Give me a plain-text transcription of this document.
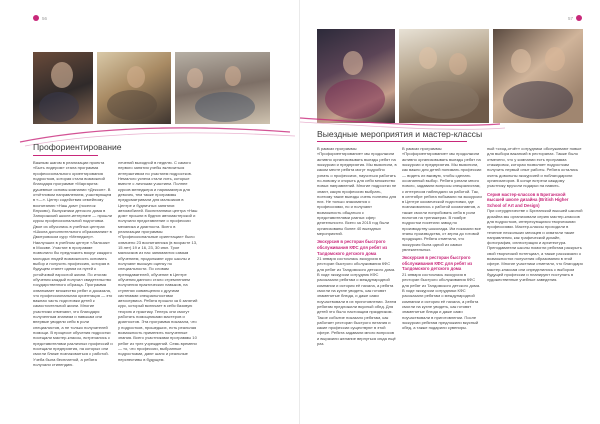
56
Профориентирование

Важным шагом в реализации проекта «Быть лидером» стала программа профессионального ориентирования подростков, которая стала возможной благодаря программе «Маргарита: душевные основы компании «Дексон». В отчётливом направлением, участвующем в «—». Центр содействия семейному воспитанию «Наш дом» (поселок Внуково). Выпускники детского дома в Запорожский школе-интернате — прошли курсы профессиональной подготовки. Двое из обучились в учебных центрах «Школа дополнительного образования» в Дмитровском сурр «Менеджер». Наилучших в учебном центре «Лальчик» в Москве. Участие в программе позволило бы предложить вокруг каждого молодых людей возможность основать выбор и получить профессию, которая в будущем станет одним из путей к устойчивой взрослой жизни. По итогам обучения каждый получил свидетельство государственного образца. Программа охватывает множество ребят и доказала, что профессиональная ориентация — это важная часть подготовки детей к самостоятельной жизни. Многие участники отмечают, что благодаря полученным знаниям и навыкам они впервые увидели себя в роли специалистов, а не только получателей помощи. В процессе обучения подростки посещали мастер-классы, встречались с представителями различных профессий и посещали предприятия, на которых они смогли ближе познакомиться с работой. Учеба была бесплатной, а ребята получали стипендию.

лечений выходной в неделю. С самого первого занятия учебы включиться интерактивом по участием подростков. Немалого успеха стали лить, которые вместе с личными участием. Полнее курсов менеджера и парикмахера для девочек, тем также программы предусматривали для мальчиков в Центре и будничных занятиях автомобилей. Воспитанники центра «Наш дом» прошли в будних автомастерской и получили представление о профессии механика и диагноста. Всего в реализации программы «Профессиональные ориентации» было охвачено 23 воспитанника (в возрасте 13, 15 лет) 19 и 16, 23, 30 июл. Трое мальчиков из нас занимаются самым обучением, продолжают курс школы и получают высшую оценку по специальности. По словам преподавателей, обучение в Центре обучения данного стало стремлением получения практических навыков, на ступенях совмещения с другими системами специальностями автосервиса. Ребята прошли за 6 занятий курс, который включает в себя базовую теорию и практику. Теперь они смогут работать помощниками мастеров и диагностов. Эта программа показала, что у подростков, прошедших, есть реальная возможность применить полученные знания. Всего участниками программы 10 ребят из трех учреждений. Семь времени — то, что профессии, выбранные подростками, дают шанс и реальные перспективы в будущем.

57
Выездные мероприятия и мастер-классы

В рамках программы «Профориентирование» мы продолжили активно организовывать выезды ребят на экскурсии и предприятия. Мы выяснили, в каком месте ребята могут подробно узнать о профессиях, научиться работать по-новому и открыть для себя множество новых направлений. Многие подростки не знают, какую профессию выбрать, поэтому такие выезды очень полезны для них. Не только знакомятся с профессиями, но и получают возможность общаться с представителями разных сфер деятельности. Всего за 2015 год были организованы более 40 выездных мероприятий.

Экскурсия в ресторан быстрого обслуживания КФС для ребят из Талдомского детского дома

21 января состоялась экскурсия в ресторан быстрого обслуживания КФС для ребят из Талдомского детского дома. В ходе экскурсии сотрудник КФС рассказали ребятам о международной компании и история её начала, а ребята смогли на кухне увидеть, как готовят знаменитые блюда, и даже сами поучаствовали в их приготовлении. Затем ребятам предложили вкусный обед. Для детей это было настоящим праздником. Такое событие показало ребятам, как работает ресторан быстрого питания и какие профессии существуют в этой сфере. Ребята задавали много вопросов и выразили желание вернуться сюда ещё раз.

В рамках программы «Профориентирование» мы продолжили активно организовывать выезды ребят на экскурсии и предприятия. Мы выяснили, как важно для детей понимать профессии — видеть их вживую, чтобы сделать осознанный выбор. Ребята узнали много нового, задавали вопросы специалистам, с интересом наблюдали за работой. Так, в сентябре ребята побывали на экскурсии в Центре космической подготовки, где познакомились с работой космонавтов, а также смогли попробовать себя в роли пилотов на тренажерах. В ноябре подростки посетили завод по производству шоколада. Им показали все этапы производства, от зерна до готовой продукции. Ребята отметили, что экскурсия была одной из самых увлекательных.

Экскурсия в ресторан быстрого обслуживания КФС для ребят из Талдомского детского дома

21 января состоялась экскурсия в ресторан быстрого обслуживания КФС для ребят из Талдомского детского дома. В ходе экскурсии сотрудники КФС рассказали ребятам о международной компании и история её начала, а ребята смогли на кухне увидеть, как готовят знаменитые блюда и даже сами поучаствовали в приготовлении. После экскурсии ребятам предложили вкусный обед, а также подарили сувениры.

ный «сход-отчёт» сотрудники обслуживают новые для выбора вакансий в ресторанах. Также было отмечено, что у компании есть программа стажировок, которая позволяет подросткам получить первый опыт работы. Ребята остались очень довольны экскурсией и поблагодарили организаторов. В конце встречи каждому участнику вручили подарки на память.

Серия мастер-классов в Британской высшей школе дизайна (British Higher School of Art and Design)

При сотрудничестве с Британской высшей школой дизайна мы организовали серию мастер-классов для подростков, интересующихся творческими профессиями. Мастер-классы проходили в течение нескольких месяцев и охватили такие направления, как графический дизайн, фотография, иллюстрация и архитектура. Преподаватели школы помогли ребятам раскрыть свой творческий потенциал, а также рассказали о возможностях получения образования в этой сфере. Многие участники отметили, что благодаря мастер-классам они определились с выбором будущей профессии и планируют поступать в художественные учебные заведения.
